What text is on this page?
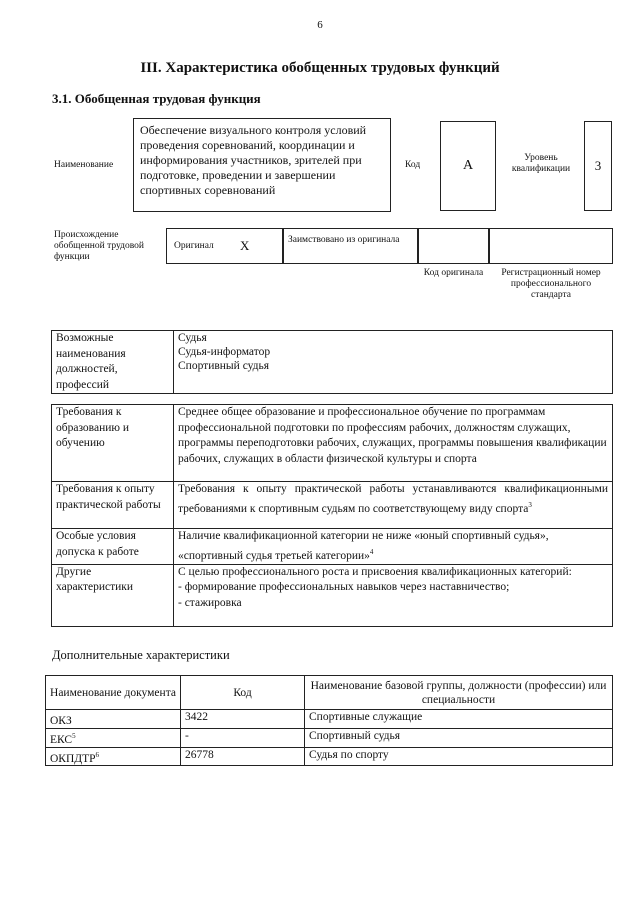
6
III. Характеристика обобщенных трудовых функций
3.1. Обобщенная трудовая функция
Наименование
Обеспечение визуального контроля условий проведения соревнований, координации и информирования участников, зрителей при подготовке, проведении и завершении спортивных соревнований
Код	А	Уровень квалификации	3
Происхождение обобщенной трудовой функции
Оригинал X	Заимствовано из оригинала
Код оригинала	Регистрационный номер профессионального стандарта
Возможные наименования должностей, профессий	
Судья
Судья-информатор
Спортивный судья
Требования к образованию и обучению	Среднее общее образование и профессиональное обучение по программам профессиональной подготовки по профессиям рабочих, должностям служащих, программы переподготовки рабочих, служащих, программы повышения квалификации рабочих, служащих в области физической культуры и спорта
Требования к опыту практической работы	Требования к опыту практической работы устанавливаются квалификационными требованиями к спортивным судьям по соответствующему виду спорта$^3$
Особые условия допуска к работе	Наличие квалификационной категории не ниже «юный спортивный судья», «спортивный судья третьей категории»$^4$
Другие характеристики	С целью профессионального роста и присвоения квалификационных категорий:
- формирование профессиональных навыков через наставничество;
- стажировка
Дополнительные характеристики
Наименование документа	Код	Наименование базовой группы, должности (профессии) или специальности
ОКЗ	3422	Спортивные служащие
ЕКС$^5$	-	Спортивный судья
ОКПДТР$^6$	26778	Судья по спорту
